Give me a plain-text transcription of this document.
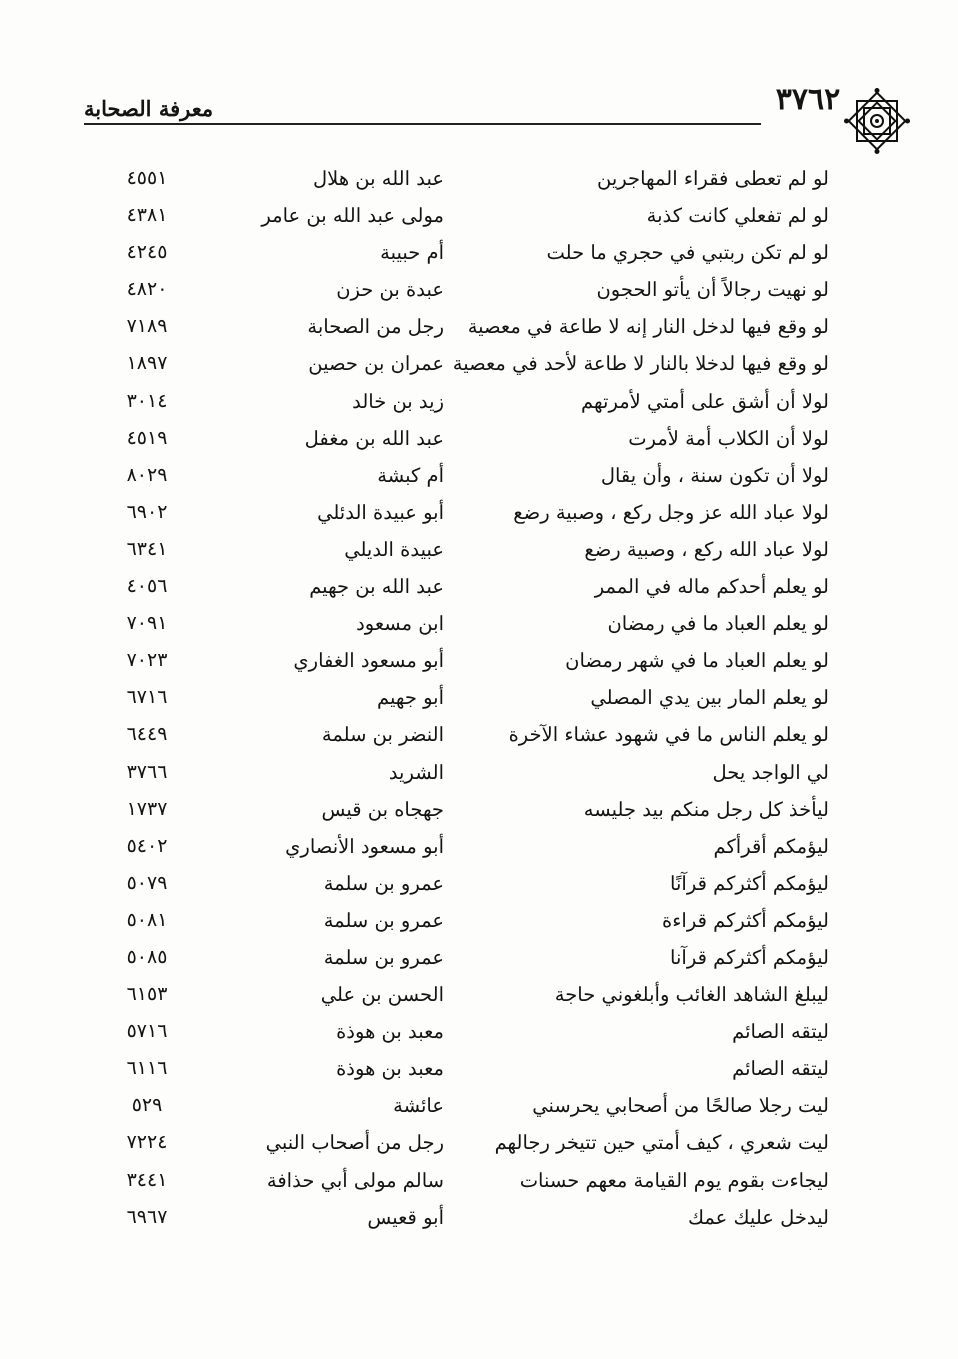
٣٧٦٢
معرفة الصحابة
لو لم تعطى فقراء المهاجرين
عبد الله بن هلال
٤٥٥١
لو لم تفعلي كانت كذبة
مولى عبد الله بن عامر
٤٣٨١
لو لم تكن ربتبي في حجري ما حلت
أم حبيبة
٤٢٤٥
لو نهيت رجالاً أن يأتو الحجون
عبدة بن حزن
٤٨٢٠
لو وقع فيها لدخل النار إنه لا طاعة في معصية
رجل من الصحابة
٧١٨٩
لو وقع فيها لدخلا بالنار لا طاعة لأحد في معصية
عمران بن حصين
١٨٩٧
لولا أن أشق على أمتي لأمرتهم
زيد بن خالد
٣٠١٤
لولا أن الكلاب أمة لأمرت
عبد الله بن مغفل
٤٥١٩
لولا أن تكون سنة ، وأن يقال
أم كبشة
٨٠٢٩
لولا عباد الله عز وجل ركع ، وصبية رضع
أبو عبيدة الدئلي
٦٩٠٢
لولا عباد الله ركع ، وصبية رضع
عبيدة الديلي
٦٣٤١
لو يعلم أحدكم ماله في الممر
عبد الله بن جهيم
٤٠٥٦
لو يعلم العباد ما في رمضان
ابن مسعود
٧٠٩١
لو يعلم العباد ما في شهر رمضان
أبو مسعود الغفاري
٧٠٢٣
لو يعلم المار بين يدي المصلي
أبو جهيم
٦٧١٦
لو يعلم الناس ما في شهود عشاء الآخرة
النضر بن سلمة
٦٤٤٩
لي الواجد يحل
الشريد
٣٧٦٦
ليأخذ كل رجل منكم بيد جليسه
جهجاه بن قيس
١٧٣٧
ليؤمكم أقرأكم
أبو مسعود الأنصاري
٥٤٠٢
ليؤمكم أكثركم قرآنًا
عمرو بن سلمة
٥٠٧٩
ليؤمكم أكثركم قراءة
عمرو بن سلمة
٥٠٨١
ليؤمكم أكثركم قرآنا
عمرو بن سلمة
٥٠٨٥
ليبلغ الشاهد الغائب وأبلغوني حاجة
الحسن بن علي
٦١٥٣
ليتقه الصائم
معبد بن هوذة
٥٧١٦
ليتقه الصائم
معبد بن هوذة
٦١١٦
ليت رجلا صالحًا من أصحابي يحرسني
عائشة
٥٢٩
ليت شعري ، كيف أمتي حين تتيخر رجالهم
رجل من أصحاب النبي
٧٢٢٤
ليجاءت بقوم يوم القيامة معهم حسنات
سالم مولى أبي حذافة
٣٤٤١
ليدخل عليك عمك
أبو قعيس
٦٩٦٧
